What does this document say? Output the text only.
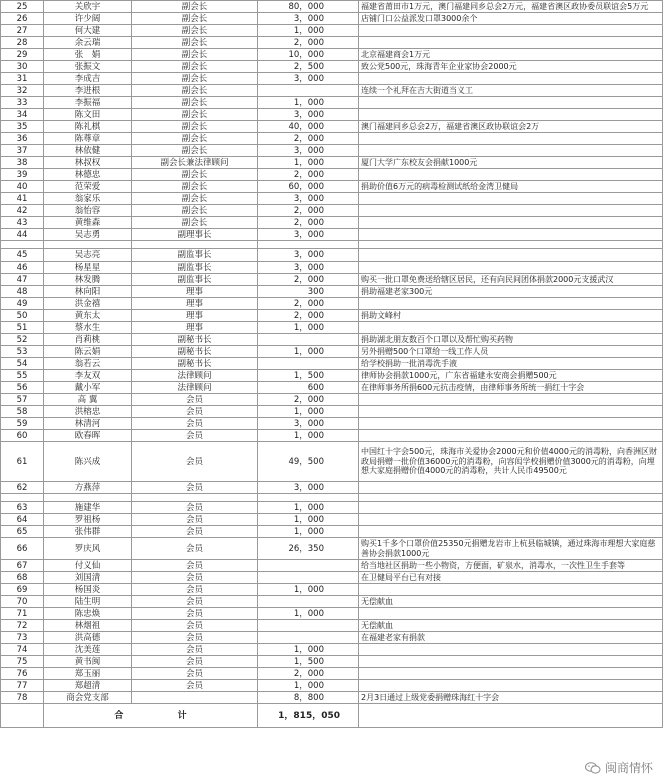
25	关欣宇	副会长	80，000	福建省莆田市1万元，澳门福建同乡总会2万元，福建省澳区政协委员联谊会5万元
26	许少阔	副会长	3，000	店铺门口公益派发口罩3000余个
27	何大建	副会长	1，000	
28	余云瑞	副会长	2，000	
29	张　娟	副会长	10，000	北京福建商会1万元
30	张振文	副会长	2，500	致公党500元，珠海青年企业家协会2000元
31	李成吉	副会长	3，000	
32	李进根	副会长		连续一个礼拜在吉大街道当义工
33	李振福	副会长	1，000	
34	陈文田	副会长	3，000	
35	陈礼棋	副会长	40，000	澳门福建同乡总会2万，福建省澳区政协联谊会2万
36	陈尊章	副会长	2，000	
37	林依健	副会长	3，000	
38	林叔权	副会长兼法律顾问	1，000	厦门大学广东校友会捐献1000元
39	林德忠	副会长	2，000	
40	范荣爱	副会长	60，000	捐助价值6万元的病毒检测试纸给金湾卫健局
41	翁家乐	副会长	3，000	
42	翁怡容	副会长	2，000	
43	黄维森	副会长	2，000	
44	吴志勇	副理事长	3，000	

45	吴志亮	副监事长	3，000	
46	杨星星	副监事长	3，000	
47	林发腾	副监事长	2，000	购买一批口罩免费送给辖区居民，还有向民间团体捐款2000元支援武汉
48	林向阳	理事	300	捐助福建老家300元
49	洪金禧	理事	2，000	
50	黄东太	理事	2，000	捐助文峰村
51	蔡水生	理事	1，000	
52	肖莉桃	副秘书长		捐助湖北朋友数百个口罩以及帮忙购买药物
53	陈云娟	副秘书长	1，000	另外捐赠500个口罩给一线工作人员
54	翁若云	副秘书长		给学校捐助一批消毒洗手液
55	李友双	法律顾问	1，500	律师协会捐款1000元，广东省福建永安商会捐赠500元
56	戴小军	法律顾问	600	在律师事务所捐600元抗击疫情，由律师事务所统一捐红十字会
57	高 翼	会员	2，000	
58	洪榕忠	会员	1，000	
59	林清河	会员	3，000	
60	欧春晖	会员	1，000	
61	陈兴成	会员	49，500	中国红十字会500元，珠海市关爱协会2000元和价值4000元的消毒粉，向香洲区财政局捐赠一批价值36000元的消毒粉，向容闳学校捐赠价值3000元的消毒粉，向埋想大家庭捐赠价值4000元的消毒粉，共计人民币49500元
62	方燕萍	会员	3，000	

63	施建华	会员	1，000	
64	罗祖杨	会员	1，000	
65	张伟群	会员	1，000	
66	罗庆风	会员	26，350	购买1千多个口罩价值25350元捐赠龙岩市上杭县临城镇，通过珠海市理想大家庭慈善协会捐款1000元
67	付义仙	会员		给当地社区捐助一些小物资，方便面，矿泉水，消毒水，一次性卫生手套等
68	刘国清	会员		在卫健局平台已有对接
69	杨国炎	会员	1，000	
70	陆生明	会员		无偿献血
71	陈忠焕	会员	1，000	
72	林烟祖	会员		无偿献血
73	洪高德	会员		在福建老家有捐款
74	沈美莲	会员	1，000	
75	黄书闽	会员	1，500	
76	郑玉丽	会员	2，000	
77	郑超清	会员	1，000	
78	商会党支部		8，800	2月3日通过上级党委捐赠珠海红十字会
	合 计		1，815，050	
闽商情怀
